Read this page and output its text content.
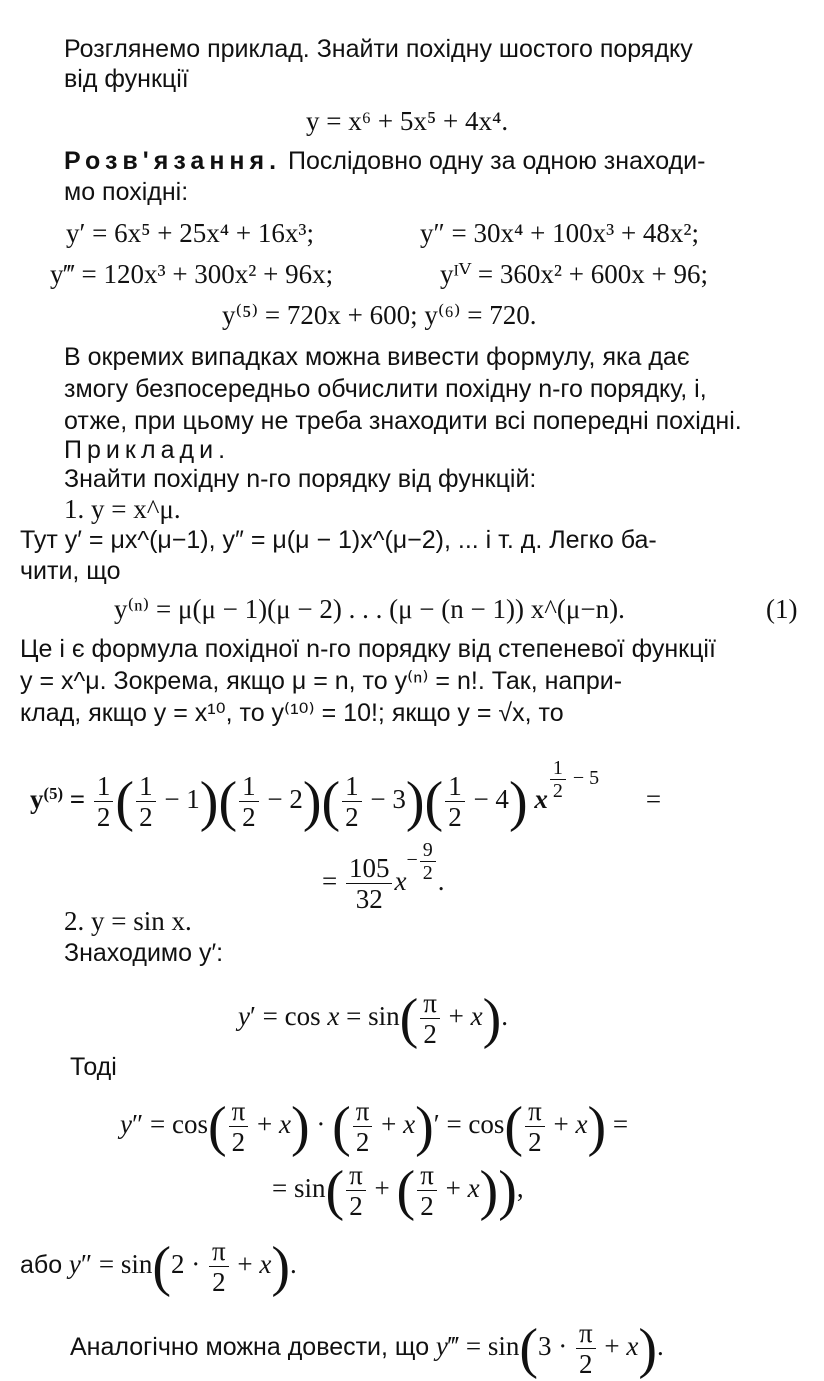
Розглянемо приклад. Знайти похідну шостого порядку
від функції
y = x⁶ + 5x⁵ + 4x⁴.
Розв'язання. Послідовно одну за одною знаходи-
мо похідні:
y′ = 6x⁵ + 25x⁴ + 16x³;	y″ = 30x⁴ + 100x³ + 48x²;
y‴ = 120x³ + 300x² + 96x;	yᴵⱽ = 360x² + 600x + 96;
y⁽⁵⁾ = 720x + 600; y⁽⁶⁾ = 720.
В окремих випадках можна вивести формулу, яка дає
змогу безпосередньо обчислити похідну n-го порядку, і,
отже, при цьому не треба знаходити всі попередні похідні.
Приклади.
Знайти похідну n-го порядку від функцій:
1. y = x^μ.
Тут y′ = μx^(μ−1), y″ = μ(μ − 1)x^(μ−2), ... і т. д. Легко ба-
чити, що
y⁽ⁿ⁾ = μ(μ − 1)(μ − 2) . . . (μ − (n − 1)) x^(μ−n).	(1)
Це і є формула похідної n-го порядку від степеневої функції
y = x^μ. Зокрема, якщо μ = n, то y⁽ⁿ⁾ = n!. Так, напри-
клад, якщо y = x¹⁰, то y⁽¹⁰⁾ = 10!; якщо y = √x, то
$y^{(5)} = \frac{1}{2}$ ( $\frac{1}{2} - 1)( \frac{1}{2} - 2)( \frac{1}{2} - 3)( \frac{1}{2} - 4)$ x $\frac{1}{2} - 5$ =
= $\frac{105}{32} x- \frac{9}{2}$ .
2. y = sin x.
Знаходимо y′:
$y' = \cos x = \sin( \frac{\pi}{2} + x)$.
Тоді
$y'' = \cos( \frac{\pi}{2} + x)$ · ( $\frac{\pi}{2} + x)' = \cos( \frac{\pi}{2} + x)$ =
= $\sin( \frac{\pi}{2}$ + ( $\frac{\pi}{2} + x$)),
або $y'' = \sin(2 \cdot \frac{\pi}{2} + x)$.
Аналогічно можна довести, що y‴ = $\sin(3 \cdot \frac{\pi}{2} + x)$.
